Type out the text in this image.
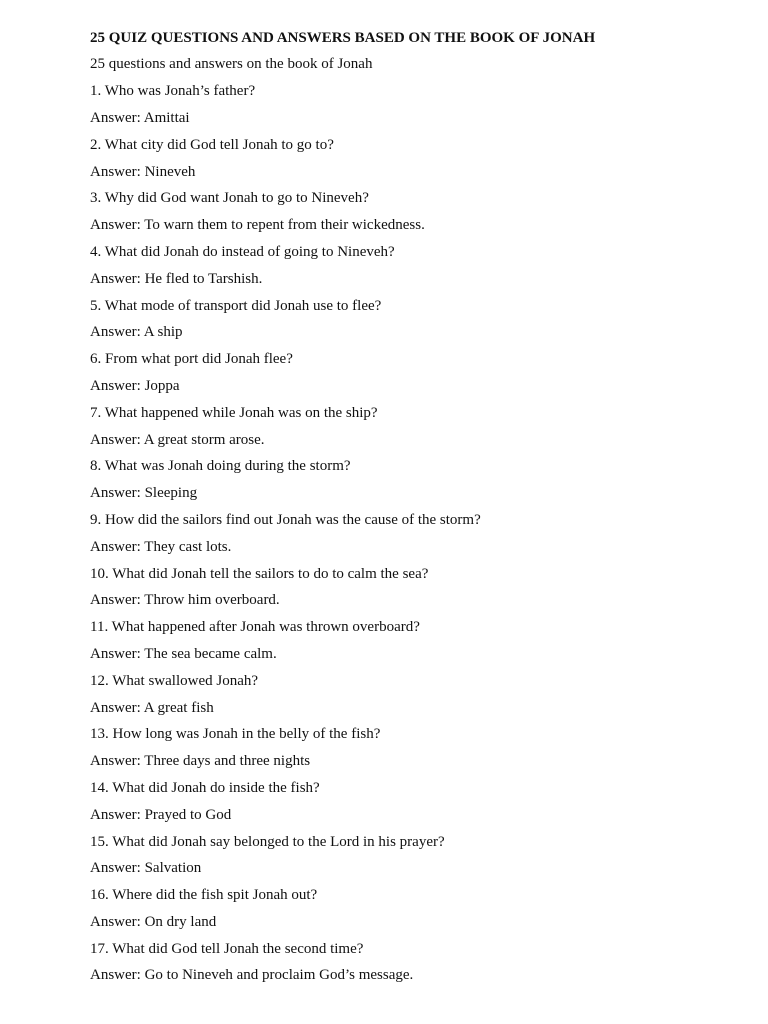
25 QUIZ QUESTIONS AND ANSWERS BASED ON THE BOOK OF JONAH
25 questions and answers on the book of Jonah
1. Who was Jonah’s father?
Answer: Amittai
2. What city did God tell Jonah to go to?
Answer: Nineveh
3. Why did God want Jonah to go to Nineveh?
Answer: To warn them to repent from their wickedness.
4. What did Jonah do instead of going to Nineveh?
Answer: He fled to Tarshish.
5. What mode of transport did Jonah use to flee?
Answer: A ship
6. From what port did Jonah flee?
Answer: Joppa
7. What happened while Jonah was on the ship?
Answer: A great storm arose.
8. What was Jonah doing during the storm?
Answer: Sleeping
9. How did the sailors find out Jonah was the cause of the storm?
Answer: They cast lots.
10. What did Jonah tell the sailors to do to calm the sea?
Answer: Throw him overboard.
11. What happened after Jonah was thrown overboard?
Answer: The sea became calm.
12. What swallowed Jonah?
Answer: A great fish
13. How long was Jonah in the belly of the fish?
Answer: Three days and three nights
14. What did Jonah do inside the fish?
Answer: Prayed to God
15. What did Jonah say belonged to the Lord in his prayer?
Answer: Salvation
16. Where did the fish spit Jonah out?
Answer: On dry land
17. What did God tell Jonah the second time?
Answer: Go to Nineveh and proclaim God’s message.
